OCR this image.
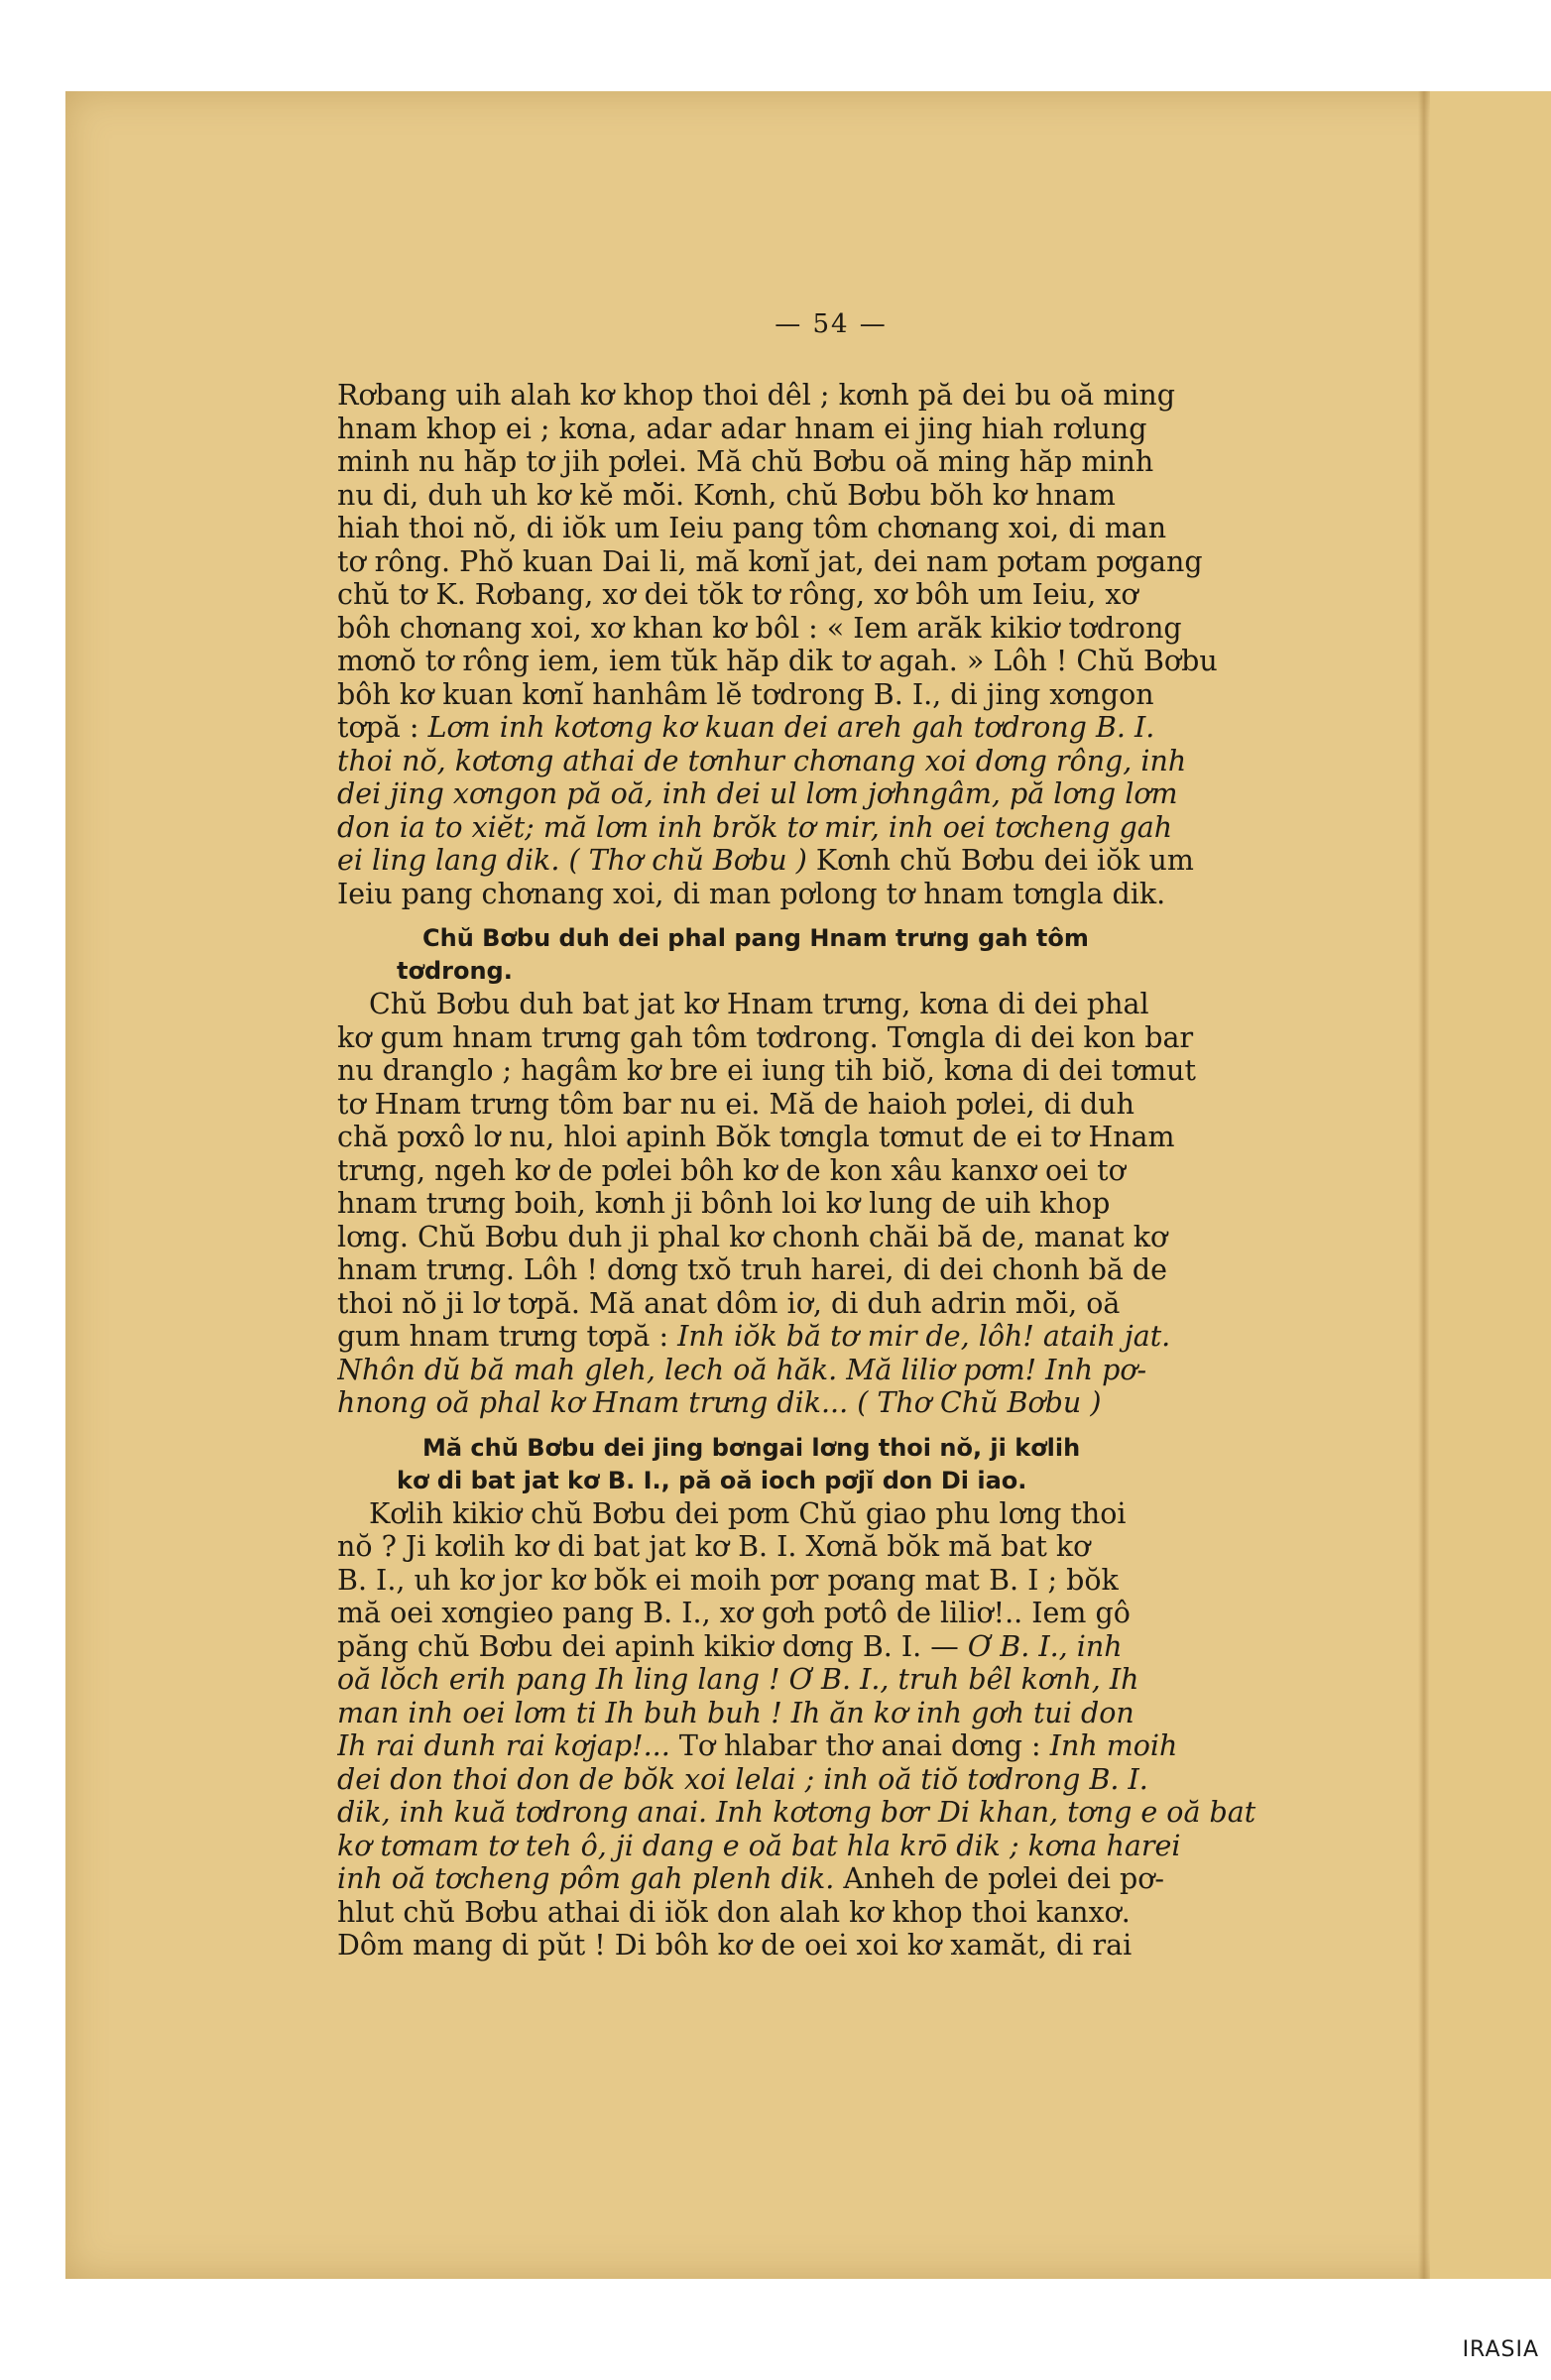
— 54 —
Rơbang uih alah kơ khop thoi dêl ; kơnh pă dei bu oă ming
hnam khop ei ; kơna, adar adar hnam ei jing hiah rơlung
minh nu hăp tơ jih pơlei. Mă chŭ Bơbu oă ming hăp minh
nu di, duh uh kơ kĕ mŏ̆i. Kơnh, chŭ Bơbu bŏh kơ hnam
hiah thoi nŏ, di iŏk um Ieiu pang tôm chơnang xoi, di man
tơ rông. Phŏ kuan Dai li, mă kơnĭ jat, dei nam pơtam pơgang
chŭ tơ K. Rơbang, xơ dei tŏk tơ rông, xơ bôh um Ieiu, xơ
bôh chơnang xoi, xơ khan kơ bôl : « Iem arăk kikiơ tơdrong
mơnŏ tơ rông iem, iem tŭk hăp dik tơ agah. » Lôh ! Chŭ Bơbu
bôh kơ kuan kơnĭ hanhâm lĕ tơdrong B. I., di jing xơngon
tơpă : Lơm inh kơtơng kơ kuan dei areh gah tơdrong B. I.
thoi nŏ, kơtơng athai de tơnhur chơnang xoi dơng rông, inh
dei jing xơngon pă oă, inh dei ul lơm jơhngâm, pă lơng lơm
don ia to xiĕt; mă lơm inh brŏk tơ mir, inh oei tơcheng gah
ei ling lang dik. ( Thơ chŭ Bơbu ) Kơnh chŭ Bơbu dei iŏk um
Ieiu pang chơnang xoi, di man pơlong tơ hnam tơngla dik.
Chŭ Bơbu duh dei phal pang Hnam trưng gah tôm
tơdrong.
Chŭ Bơbu duh bat jat kơ Hnam trưng, kơna di dei phal
kơ gum hnam trưng gah tôm tơdrong. Tơngla di dei kon bar
nu dranglo ; hagâm kơ bre ei iung tih biŏ, kơna di dei tơmut
tơ Hnam trưng tôm bar nu ei. Mă de haioh pơlei, di duh
chă pơxô lơ nu, hloi apinh Bŏk tơngla tơmut de ei tơ Hnam
trưng, ngeh kơ de pơlei bôh kơ de kon xâu kanxơ oei tơ
hnam trưng boih, kơnh ji bônh loi kơ lung de uih khop
lơng. Chŭ Bơbu duh ji phal kơ chonh chăi bă de, manat kơ
hnam trưng. Lôh ! dơng txŏ truh harei, di dei chonh bă de
thoi nŏ ji lơ tơpă. Mă anat dôm iơ, di duh adrin mŏ̆i, oă
gum hnam trưng tơpă : Inh iŏk bă tơ mir de, lôh! ataih jat.
Nhôn dŭ bă mah gleh, lech oă hăk. Mă liliơ pơm! Inh pơ-
hnong oă phal kơ Hnam trưng dik... ( Thơ Chŭ Bơbu )
Mă chŭ Bơbu dei jing bơngai lơng thoi nŏ, ji kơlih
kơ di bat jat kơ B. I., pă oă ioch pơjĭ don Di iao.
Kơlih kikiơ chŭ Bơbu dei pơm Chŭ giao phu lơng thoi
nŏ ? Ji kơlih kơ di bat jat kơ B. I. Xơnă bŏk mă bat kơ
B. I., uh kơ jor kơ bŏk ei moih pơr pơang mat B. I ; bŏk
mă oei xơngieo pang B. I., xơ gơh pơtô de liliơ!.. Iem gô
păng chŭ Bơbu dei apinh kikiơ dơng B. I. — Ơ B. I., inh
oă lŏch erih pang Ih ling lang ! Ơ B. I., truh bêl kơnh, Ih
man inh oei lơm ti Ih buh buh ! Ih ăn kơ inh gơh tui don
Ih rai dunh rai kơjap!... Tơ hlabar thơ anai dơng : Inh moih
dei don thoi don de bŏk xoi lelai ; inh oă tiŏ tơdrong B. I.
dik, inh kuă tơdrong anai. Inh kơtơng bơr Di khan, tơng e oă bat
kơ tơmam tơ teh ô, ji dang e oă bat hla krō dik ; kơna harei
inh oă tơcheng pôm gah plenh dik. Anheh de pơlei dei pơ-
hlut chŭ Bơbu athai di iŏk don alah kơ khop thoi kanxơ.
Dôm mang di pŭt ! Di bôh kơ de oei xoi kơ xamăt, di rai
IRASIA
